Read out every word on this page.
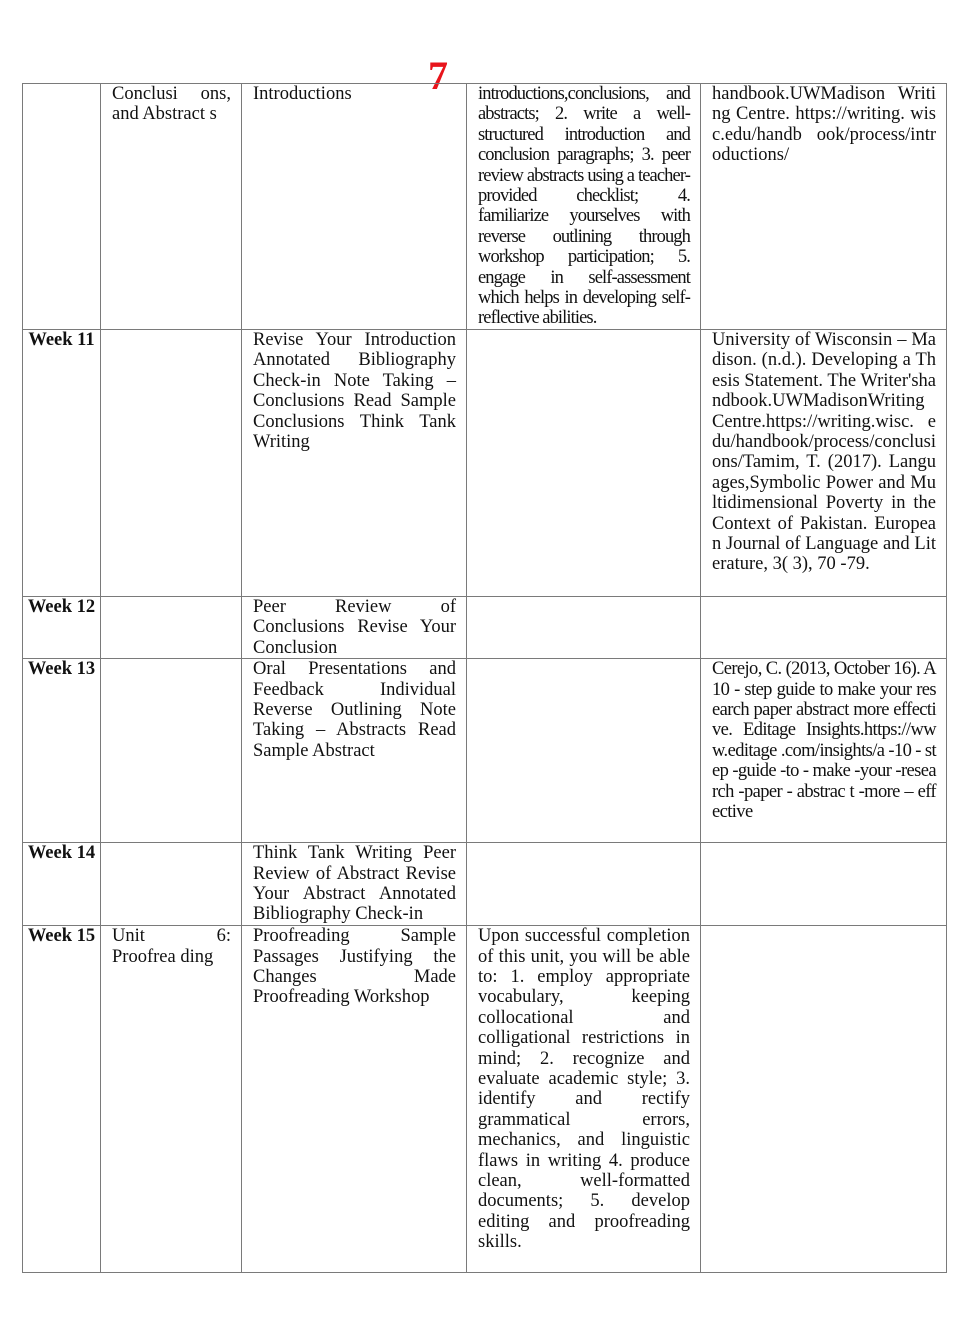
7
	Conclusi ons, and Abstract s	Introductions	introductions,conclusions, and abstracts; 2. write a well-structured introduction and conclusion paragraphs; 3. peer review abstracts using a teacher-provided checklist; 4. familiarize yourselves with reverse outlining through workshop participation; 5. engage in self-assessment which helps in developing self-reflective abilities.	handbook.UWMadison Writing Centre. https://writing. wisc.edu/handb ook/process/intr oductions/
Week 11		Revise Your Introduction Annotated Bibliography Check-in Note Taking – Conclusions Read Sample Conclusions Think Tank Writing		University of Wisconsin – Madison. (n.d.). Developing a Thesis Statement. The Writer'shandbook.UWMadisonWritingCentre.https://writing.wisc. edu/handbook/process/conclusions/Tamim, T. (2017). Languages,Symbolic Power and Multidimensional Poverty in the Context of Pakistan. European Journal of Language and Literature, 3( 3), 70 -79.
Week 12		Peer Review of Conclusions Revise Your Conclusion		
Week 13		Oral Presentations and Feedback Individual Reverse Outlining Note Taking – Abstracts Read Sample Abstract		Cerejo, C. (2013, October 16). A 10 - step guide to make your research paper abstract more effective. Editage Insights.https://www.editage .com/insights/a -10 - step -guide -to - make -your -research -paper - abstrac t -more – effective
Week 14		Think Tank Writing Peer Review of Abstract Revise Your Abstract Annotated Bibliography Check-in		
Week 15	Unit 6: Proofrea ding	Proofreading Sample Passages Justifying the Changes Made Proofreading Workshop	Upon successful completion of this unit, you will be able to: 1. employ appropriate vocabulary, keeping collocational and colligational restrictions in mind; 2. recognize and evaluate academic style; 3. identify and rectify grammatical errors, mechanics, and linguistic flaws in writing 4. produce clean, well-formatted documents; 5. develop editing and proofreading skills.	
